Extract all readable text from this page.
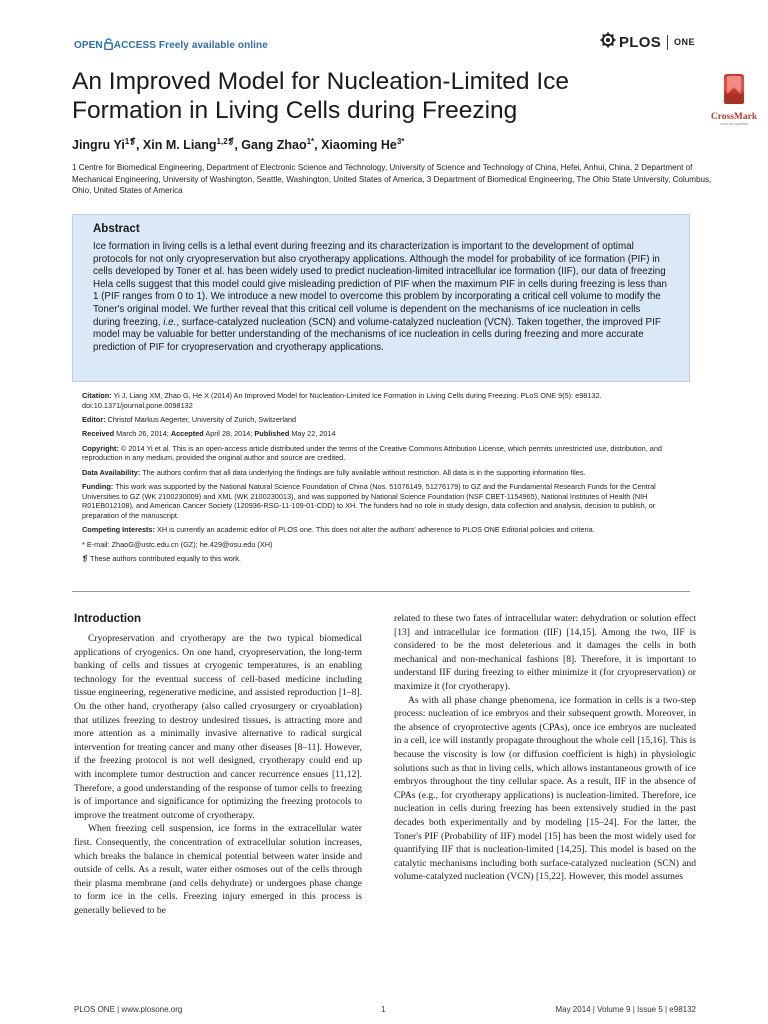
OPEN ACCESS Freely available online	PLOS ONE
An Improved Model for Nucleation-Limited Ice Formation in Living Cells during Freezing	CrossMark
click for updates
Jingru $Yi^{1❡}$, Xin M. Liang$^{1,2❡}$, Gang Zhao$^{1*}$, Xiaoming $He^{3*}$
1 Centre for Biomedical Engineering, Department of Electronic Science and Technology, University of Science and Technology of China, Hefei, Anhui, China, 2 Department of Mechanical Engineering, University of Washington, Seattle, Washington, United States of America, 3 Department of Biomedical Engineering, The Ohio State University, Columbus, Ohio, United States of America
Abstract
Ice formation in living cells is a lethal event during freezing and its characterization is important to the development of optimal protocols for not only cryopreservation but also cryotherapy applications. Although the model for probability of ice formation (PIF) in cells developed by Toner et al. has been widely used to predict nucleation-limited intracellular ice formation (IIF), our data of freezing Hela cells suggest that this model could give misleading prediction of PIF when the maximum PIF in cells during freezing is less than 1 (PIF ranges from 0 to 1). We introduce a new model to overcome this problem by incorporating a critical cell volume to modify the Toner's original model. We further reveal that this critical cell volume is dependent on the mechanisms of ice nucleation in cells during freezing, i.e., surface-catalyzed nucleation (SCN) and volume-catalyzed nucleation (VCN). Taken together, the improved PIF model may be valuable for better understanding of the mechanisms of ice nucleation in cells during freezing and more accurate prediction of PIF for cryopreservation and cryotherapy applications.
Citation: Yi J, Liang XM, Zhao G, He X (2014) An Improved Model for Nucleation-Limited Ice Formation in Living Cells during Freezing. PLoS ONE 9(5): e98132. doi:10.1371/journal.pone.0098132
Editor: Christof Markus Aegerter, University of Zurich, Switzerland
Received March 26, 2014; Accepted April 28, 2014; Published May 22, 2014
Copyright: © 2014 Yi et al. This is an open-access article distributed under the terms of the Creative Commons Attribution License, which permits unrestricted use, distribution, and reproduction in any medium, provided the original author and source are credited.
Data Availability: The authors confirm that all data underlying the findings are fully available without restriction. All data is in the supporting information files.
Funding: This work was supported by the National Natural Science Foundation of China (Nos. 51076149, 51276179) to GZ and the Fundamental Research Funds for the Central Universities to GZ (WK 2100230009) and XML (WK 2100230013), and was supported by National Science Foundation (NSF CBET-1154965), National Institutes of Health (NIH R01EB012108), and American Cancer Society (120936-RSG-11-109-01-CDD) to XH. The funders had no role in study design, data collection and analysis, decision to publish, or preparation of the manuscript.
Competing Interests: XH is currently an academic editor of PLOS one. This does not alter the authors' adherence to PLOS ONE Editorial policies and criteria.
* E-mail: ZhaoG@ustc.edu.cn (GZ); he.429@osu.edu (XH)
❡ These authors contributed equally to this work.
Introduction

Cryopreservation and cryotherapy are the two typical biomedical applications of cryogenics. On one hand, cryopreservation, the long-term banking of cells and tissues at cryogenic temperatures, is an enabling technology for the eventual success of cell-based medicine including tissue engineering, regenerative medicine, and assisted reproduction [1–8]. On the other hand, cryotherapy (also called cryosurgery or cryoablation) that utilizes freezing to destroy undesired tissues, is attracting more and more attention as a minimally invasive alternative to radical surgical intervention for treating cancer and many other diseases [8–11]. However, if the freezing protocol is not well designed, cryotherapy could end up with incomplete tumor destruction and cancer recurrence ensues [11,12]. Therefore, a good understanding of the response of tumor cells to freezing is of importance and significance for optimizing the freezing protocols to improve the treatment outcome of cryotherapy.

When freezing cell suspension, ice forms in the extracellular water first. Consequently, the concentration of extracellular solution increases, which breaks the balance in chemical potential between water inside and outside of cells. As a result, water either osmoses out of the cells through their plasma membrane (and cells dehydrate) or undergoes phase change to form ice in the cells. Freezing injury emerged in this process is generally believed to be

related to these two fates of intracellular water: dehydration or solution effect [13] and intracellular ice formation (IIF) [14,15]. Among the two, IIF is considered to be the most deleterious and it damages the cells in both mechanical and non-mechanical fashions [8]. Therefore, it is important to understand IIF during freezing to either minimize it (for cryopreservation) or maximize it (for cryotherapy).

As with all phase change phenomena, ice formation in cells is a two-step process: nucleation of ice embryos and their subsequent growth. Moreover, in the absence of cryoprotective agents (CPAs), once ice embryos are nucleated in a cell, ice will instantly propagate throughout the whole cell [15,16]. This is because the viscosity is low (or diffusion coefficient is high) in physiologic solutions such as that in living cells, which allows instantaneous growth of ice embryos throughout the tiny cellular space. As a result, IIF in the absence of CPAs (e.g., for cryotherapy applications) is nucleation-limited. Therefore, ice nucleation in cells during freezing has been extensively studied in the past decades both experimentally and by modeling [15–24]. For the latter, the Toner's PIF (Probability of IIF) model [15] has been the most widely used for quantifying IIF that is nucleation-limited [14,25]. This model is based on the catalytic mechanisms including both surface-catalyzed nucleation (SCN) and volume-catalyzed nucleation (VCN) [15,22]. However, this model assumes

PLOS ONE | www.plosone.org	1	May 2014 | Volume 9 | Issue 5 | e98132
